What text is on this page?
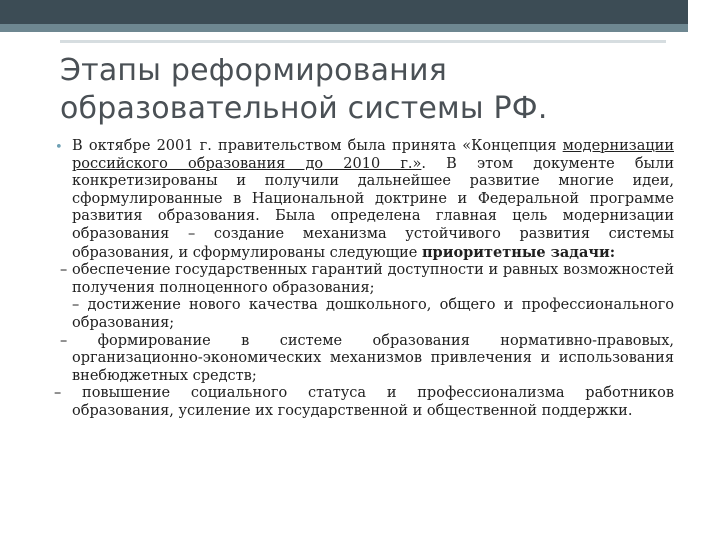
Этапы реформирования
образовательной системы РФ.

• В октябре 2001 г. правительством была принята «Концепция модернизации российского образования до 2010 г.». В этом документе были конкретизированы и получили дальнейшее развитие многие идеи, сформулированные в Национальной доктрине и Федеральной программе развития образования. Была определена главная цель модернизации образования – создание механизма устойчивого развития системы образования, и сформулированы следующие приоритетные задачи:

– обеспечение государственных гарантий доступности и равных возможностей получения полноценного образования;

– достижение нового качества дошкольного, общего и профессионального образования;

– формирование в системе образования нормативно-правовых, организационно-экономических механизмов привлечения и использования внебюджетных средств;

– повышение социального статуса и профессионализма работников образования, усиление их государственной и общественной поддержки.
